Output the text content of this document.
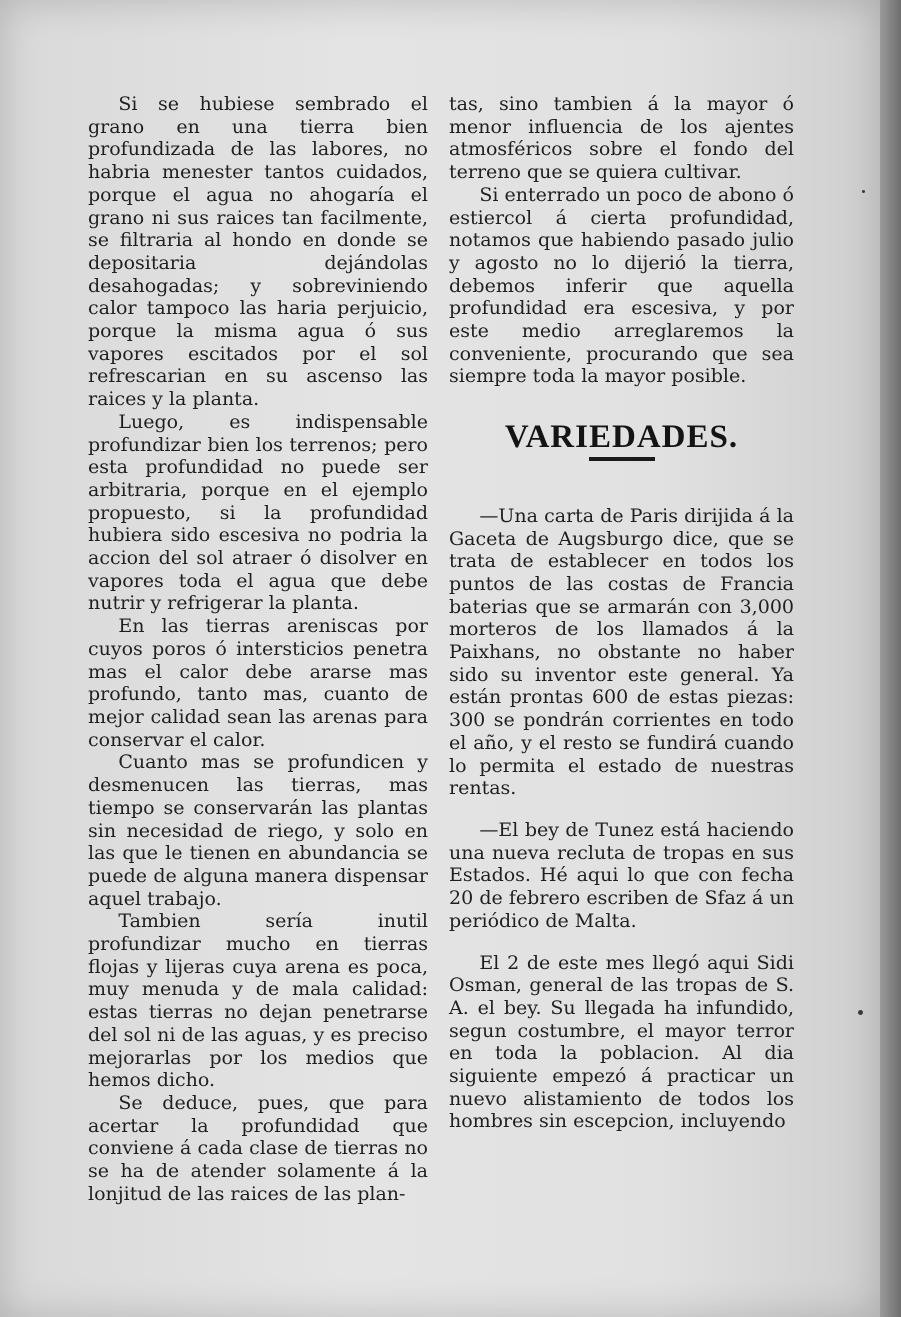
Si se hubiese sembrado el grano en una tierra bien profundizada de las labores, no habria menester tantos cuidados, porque el agua no ahogaría el grano ni sus raices tan facilmente, se filtraria al hondo en donde se depositaria dejándolas desahogadas; y sobreviniendo calor tampoco las haria perjuicio, porque la misma agua ó sus vapores escitados por el sol refrescarian en su ascenso las raices y la planta.

Luego, es indispensable profundizar bien los terrenos; pero esta profundidad no puede ser arbitraria, porque en el ejemplo propuesto, si la profundidad hubiera sido escesiva no podria la accion del sol atraer ó disolver en vapores toda el agua que debe nutrir y refrigerar la planta.

En las tierras areniscas por cuyos poros ó intersticios penetra mas el calor debe ararse mas profundo, tanto mas, cuanto de mejor calidad sean las arenas para conservar el calor.

Cuanto mas se profundicen y desmenucen las tierras, mas tiempo se conservarán las plantas sin necesidad de riego, y solo en las que le tienen en abundancia se puede de alguna manera dispensar aquel trabajo.

Tambien sería inutil profundizar mucho en tierras flojas y lijeras cuya arena es poca, muy menuda y de mala calidad: estas tierras no dejan penetrarse del sol ni de las aguas, y es preciso mejorarlas por los medios que hemos dicho.

Se deduce, pues, que para acertar la profundidad que conviene á cada clase de tierras no se ha de atender solamente á la lonjitud de las raices de las plan-

tas, sino tambien á la mayor ó menor influencia de los ajentes atmosféricos sobre el fondo del terreno que se quiera cultivar.

Si enterrado un poco de abono ó estiercol á cierta profundidad, notamos que habiendo pasado julio y agosto no lo dijerió la tierra, debemos inferir que aquella profundidad era escesiva, y por este medio arreglaremos la conveniente, procurando que sea siempre toda la mayor posible.

VARIEDADES.

—Una carta de Paris dirijida á la Gaceta de Augsburgo dice, que se trata de establecer en todos los puntos de las costas de Francia baterias que se armarán con 3,000 morteros de los llamados á la Paixhans, no obstante no haber sido su inventor este general. Ya están prontas 600 de estas piezas: 300 se pondrán corrientes en todo el año, y el resto se fundirá cuando lo permita el estado de nuestras rentas.

—El bey de Tunez está haciendo una nueva recluta de tropas en sus Estados. Hé aqui lo que con fecha 20 de febrero escriben de Sfaz á un periódico de Malta.

El 2 de este mes llegó aqui Sidi Osman, general de las tropas de S. A. el bey. Su llegada ha infundido, segun costumbre, el mayor terror en toda la poblacion. Al dia siguiente empezó á practicar un nuevo alistamiento de todos los hombres sin escepcion, incluyendo
